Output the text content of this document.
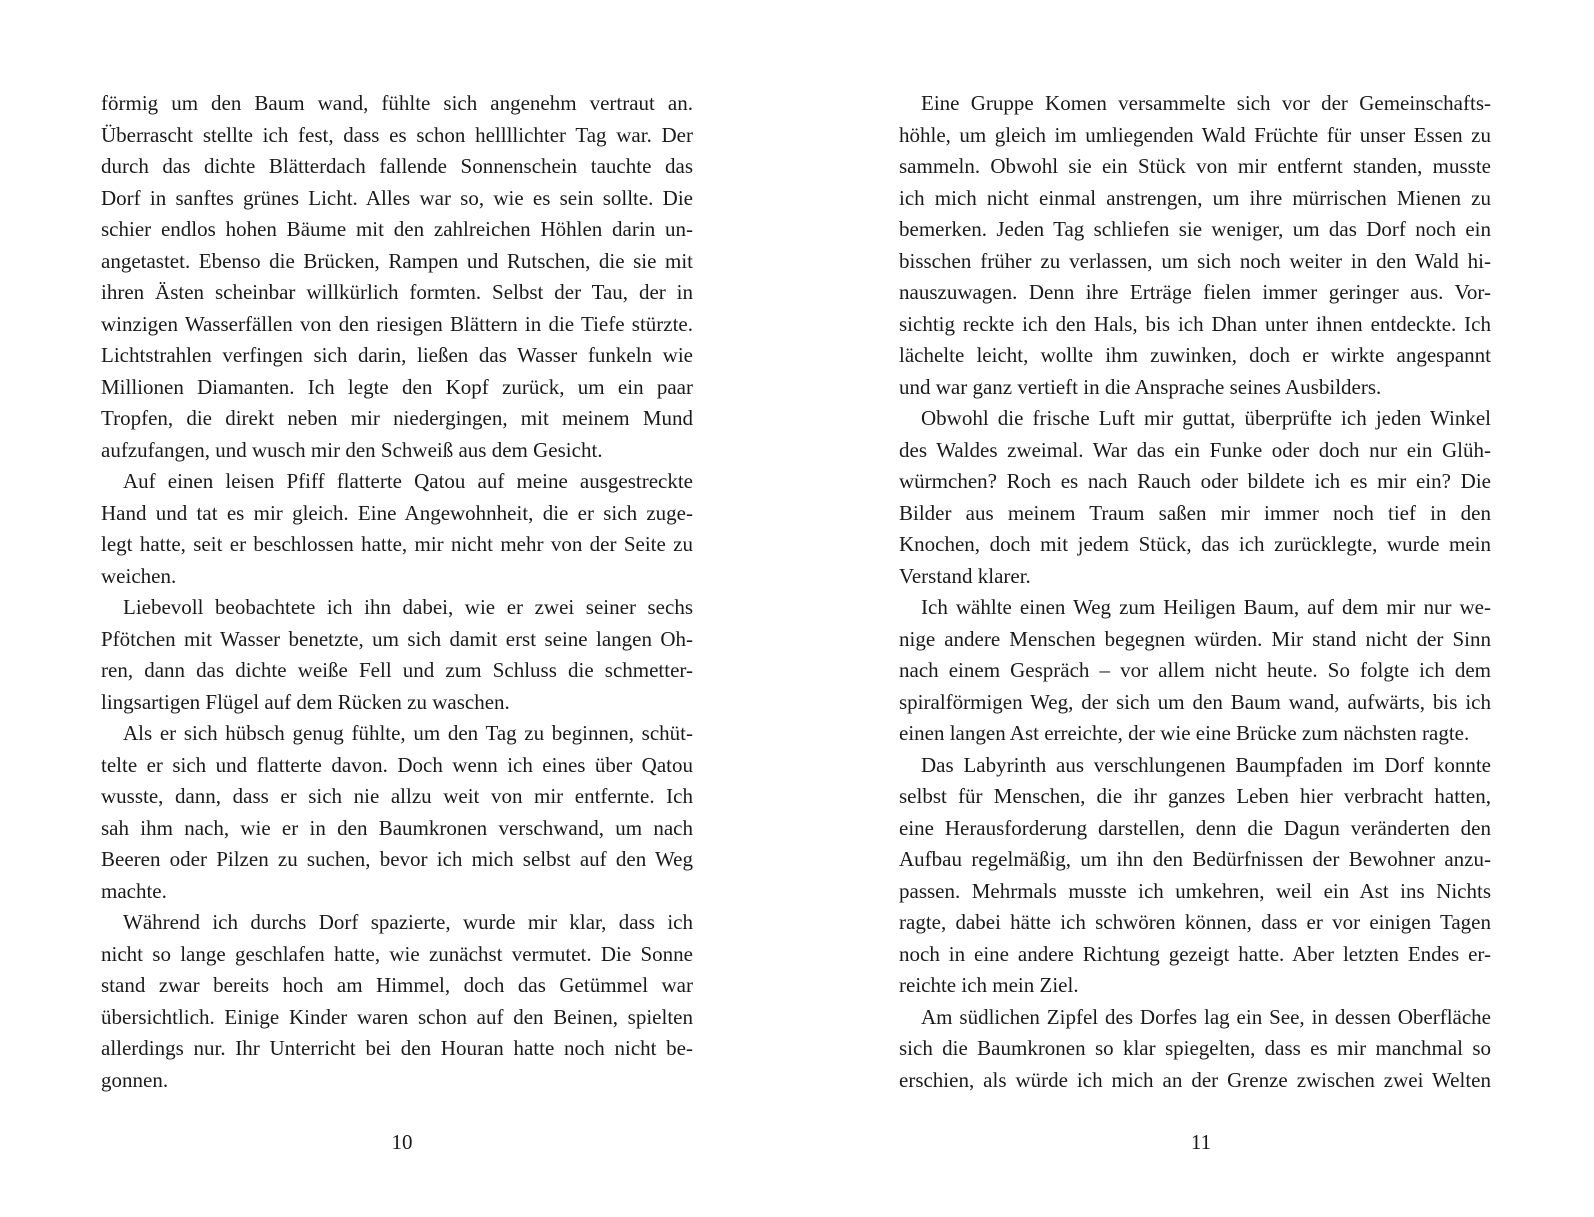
förmig um den Baum wand, fühlte sich angenehm vertraut an.
Überrascht stellte ich fest, dass es schon hellllichter Tag war. Der
durch das dichte Blätterdach fallende Sonnenschein tauchte das
Dorf in sanftes grünes Licht. Alles war so, wie es sein sollte. Die
schier endlos hohen Bäume mit den zahlreichen Höhlen darin un-
angetastet. Ebenso die Brücken, Rampen und Rutschen, die sie mit
ihren Ästen scheinbar willkürlich formten. Selbst der Tau, der in
winzigen Wasserfällen von den riesigen Blättern in die Tiefe stürzte.
Lichtstrahlen verfingen sich darin, ließen das Wasser funkeln wie
Millionen Diamanten. Ich legte den Kopf zurück, um ein paar
Tropfen, die direkt neben mir niedergingen, mit meinem Mund
aufzufangen, und wusch mir den Schweiß aus dem Gesicht.
Auf einen leisen Pfiff flatterte Qatou auf meine ausgestreckte
Hand und tat es mir gleich. Eine Angewohnheit, die er sich zuge-
legt hatte, seit er beschlossen hatte, mir nicht mehr von der Seite zu
weichen.
Liebevoll beobachtete ich ihn dabei, wie er zwei seiner sechs
Pfötchen mit Wasser benetzte, um sich damit erst seine langen Oh-
ren, dann das dichte weiße Fell und zum Schluss die schmetter-
lingsartigen Flügel auf dem Rücken zu waschen.
Als er sich hübsch genug fühlte, um den Tag zu beginnen, schüt-
telte er sich und flatterte davon. Doch wenn ich eines über Qatou
wusste, dann, dass er sich nie allzu weit von mir entfernte. Ich
sah ihm nach, wie er in den Baumkronen verschwand, um nach
Beeren oder Pilzen zu suchen, bevor ich mich selbst auf den Weg
machte.
Während ich durchs Dorf spazierte, wurde mir klar, dass ich
nicht so lange geschlafen hatte, wie zunächst vermutet. Die Sonne
stand zwar bereits hoch am Himmel, doch das Getümmel war
übersichtlich. Einige Kinder waren schon auf den Beinen, spielten
allerdings nur. Ihr Unterricht bei den Houran hatte noch nicht be-
gonnen.
Eine Gruppe Komen versammelte sich vor der Gemeinschafts-
höhle, um gleich im umliegenden Wald Früchte für unser Essen zu
sammeln. Obwohl sie ein Stück von mir entfernt standen, musste
ich mich nicht einmal anstrengen, um ihre mürrischen Mienen zu
bemerken. Jeden Tag schliefen sie weniger, um das Dorf noch ein
bisschen früher zu verlassen, um sich noch weiter in den Wald hi-
nauszuwagen. Denn ihre Erträge fielen immer geringer aus. Vor-
sichtig reckte ich den Hals, bis ich Dhan unter ihnen entdeckte. Ich
lächelte leicht, wollte ihm zuwinken, doch er wirkte angespannt
und war ganz vertieft in die Ansprache seines Ausbilders.
Obwohl die frische Luft mir guttat, überprüfte ich jeden Winkel
des Waldes zweimal. War das ein Funke oder doch nur ein Glüh-
würmchen? Roch es nach Rauch oder bildete ich es mir ein? Die
Bilder aus meinem Traum saßen mir immer noch tief in den
Knochen, doch mit jedem Stück, das ich zurücklegte, wurde mein
Verstand klarer.
Ich wählte einen Weg zum Heiligen Baum, auf dem mir nur we-
nige andere Menschen begegnen würden. Mir stand nicht der Sinn
nach einem Gespräch – vor allem nicht heute. So folgte ich dem
spiralförmigen Weg, der sich um den Baum wand, aufwärts, bis ich
einen langen Ast erreichte, der wie eine Brücke zum nächsten ragte.
Das Labyrinth aus verschlungenen Baumpfaden im Dorf konnte
selbst für Menschen, die ihr ganzes Leben hier verbracht hatten,
eine Herausforderung darstellen, denn die Dagun veränderten den
Aufbau regelmäßig, um ihn den Bedürfnissen der Bewohner anzu-
passen. Mehrmals musste ich umkehren, weil ein Ast ins Nichts
ragte, dabei hätte ich schwören können, dass er vor einigen Tagen
noch in eine andere Richtung gezeigt hatte. Aber letzten Endes er-
reichte ich mein Ziel.
Am südlichen Zipfel des Dorfes lag ein See, in dessen Oberfläche
sich die Baumkronen so klar spiegelten, dass es mir manchmal so
erschien, als würde ich mich an der Grenze zwischen zwei Welten
10	11
